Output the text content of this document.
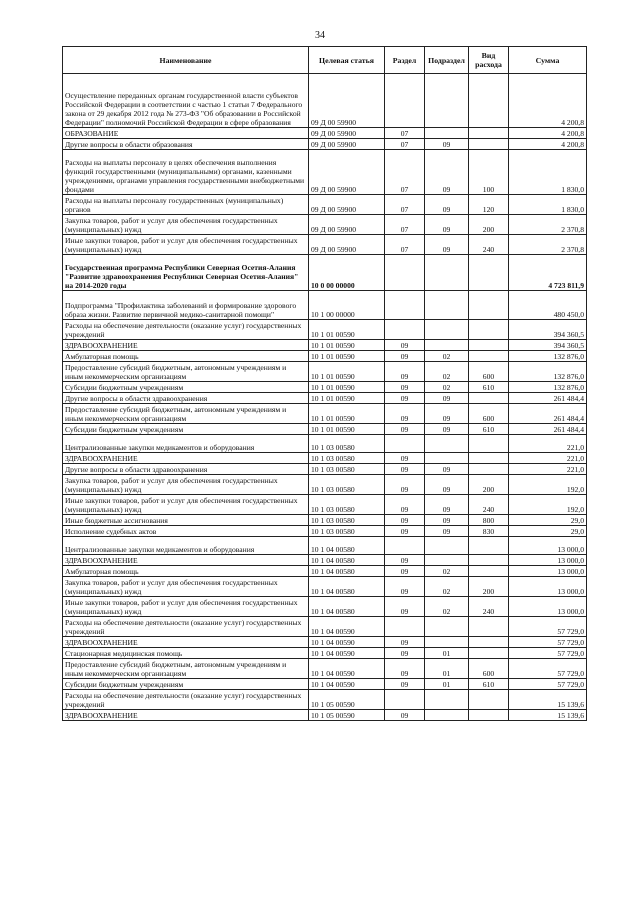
34
Наименование	Целевая статья	Раздел	Подраздел	Вид расхода	Сумма
Осуществление переданных органам государственной власти субъектов Российской Федерации в соответствии с частью 1 статьи 7 Федерального закона от 29 декабря 2012 года № 273-ФЗ "Об образовании в Российской Федерации" полномочий Российской Федерации в сфере образования	09 Д 00 59900				4 200,8
ОБРАЗОВАНИЕ	09 Д 00 59900	07			4 200,8
Другие вопросы в области образования	09 Д 00 59900	07	09		4 200,8
Расходы на выплаты персоналу в целях обеспечения выполнения функций государственными (муниципальными) органами, казенными учреждениями, органами управления государственными внебюджетными фондами	09 Д 00 59900	07	09	100	1 830,0
Расходы на выплаты персоналу государственных (муниципальных) органов	09 Д 00 59900	07	09	120	1 830,0
Закупка товаров, работ и услуг для обеспечения государственных (муниципальных) нужд	09 Д 00 59900	07	09	200	2 370,8
Иные закупки товаров, работ и услуг для обеспечения государственных (муниципальных) нужд	09 Д 00 59900	07	09	240	2 370,8
Государственная программа Республики Северная Осетия-Алания "Развитие здравоохранения Республики Северная Осетия-Алания" на 2014-2020 годы	10 0 00 00000				4 723 811,9
Подпрограмма "Профилактика заболеваний и формирование здорового образа жизни. Развитие первичной медико-санитарной помощи"	10 1 00 00000				480 450,0
Расходы на обеспечение деятельности (оказание услуг) государственных учреждений	10 1 01 00590				394 360,5
ЗДРАВООХРАНЕНИЕ	10 1 01 00590	09			394 360,5
Амбулаторная помощь	10 1 01 00590	09	02		132 876,0
Предоставление субсидий бюджетным, автономным учреждениям и иным некоммерческим организациям	10 1 01 00590	09	02	600	132 876,0
Субсидии бюджетным учреждениям	10 1 01 00590	09	02	610	132 876,0
Другие вопросы в области здравоохранения	10 1 01 00590	09	09		261 484,4
Предоставление субсидий бюджетным, автономным учреждениям и иным некоммерческим организациям	10 1 01 00590	09	09	600	261 484,4
Субсидии бюджетным учреждениям	10 1 01 00590	09	09	610	261 484,4
Централизованные закупки медикаментов и оборудования	10 1 03 00580				221,0
ЗДРАВООХРАНЕНИЕ	10 1 03 00580	09			221,0
Другие вопросы в области здравоохранения	10 1 03 00580	09	09		221,0
Закупка товаров, работ и услуг для обеспечения государственных (муниципальных) нужд	10 1 03 00580	09	09	200	192,0
Иные закупки товаров, работ и услуг для обеспечения государственных (муниципальных) нужд	10 1 03 00580	09	09	240	192,0
Иные бюджетные ассигнования	10 1 03 00580	09	09	800	29,0
Исполнение судебных актов	10 1 03 00580	09	09	830	29,0
Централизованные закупки медикаментов и оборудования	10 1 04 00580				13 000,0
ЗДРАВООХРАНЕНИЕ	10 1 04 00580	09			13 000,0
Амбулаторная помощь	10 1 04 00580	09	02		13 000,0
Закупка товаров, работ и услуг для обеспечения государственных (муниципальных) нужд	10 1 04 00580	09	02	200	13 000,0
Иные закупки товаров, работ и услуг для обеспечения государственных (муниципальных) нужд	10 1 04 00580	09	02	240	13 000,0
Расходы на обеспечение деятельности (оказание услуг) государственных учреждений	10 1 04 00590				57 729,0
ЗДРАВООХРАНЕНИЕ	10 1 04 00590	09			57 729,0
Стационарная медицинская помощь	10 1 04 00590	09	01		57 729,0
Предоставление субсидий бюджетным, автономным учреждениям и иным некоммерческим организациям	10 1 04 00590	09	01	600	57 729,0
Субсидии бюджетным учреждениям	10 1 04 00590	09	01	610	57 729,0
Расходы на обеспечение деятельности (оказание услуг) государственных учреждений	10 1 05 00590				15 139,6
ЗДРАВООХРАНЕНИЕ	10 1 05 00590	09			15 139,6
